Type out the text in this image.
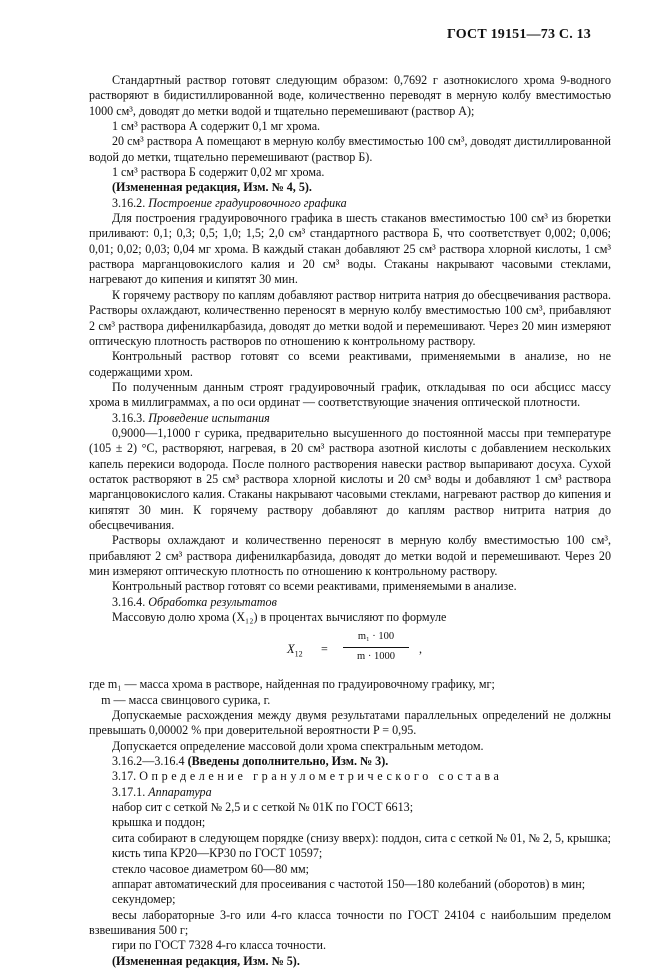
ГОСТ 19151—73 С. 13

Стандартный раствор готовят следующим образом: 0,7692 г азотнокислого хрома 9-водного растворяют в бидистиллированной воде, количественно переводят в мерную колбу вместимостью 1000 см³, доводят до метки водой и тщательно перемешивают (раствор А);

1 см³ раствора А содержит 0,1 мг хрома.

20 см³ раствора А помещают в мерную колбу вместимостью 100 см³, доводят дистиллированной водой до метки, тщательно перемешивают (раствор Б).

1 см³ раствора Б содержит 0,02 мг хрома.

(Измененная редакция, Изм. № 4, 5).

3.16.2. Построение градуировочного графика

Для построения градуировочного графика в шесть стаканов вместимостью 100 см³ из бюретки приливают: 0,1; 0,3; 0,5; 1,0; 1,5; 2,0 см³ стандартного раствора Б, что соответствует 0,002; 0,006; 0,01; 0,02; 0,03; 0,04 мг хрома. В каждый стакан добавляют 25 см³ раствора хлорной кислоты, 1 см³ раствора марганцовокислого калия и 20 см³ воды. Стаканы накрывают часовыми стеклами, нагревают до кипения и кипятят 30 мин.

К горячему раствору по каплям добавляют раствор нитрита натрия до обесцвечивания раствора. Растворы охлаждают, количественно переносят в мерную колбу вместимостью 100 см³, прибавляют 2 см³ раствора дифенилкарбазида, доводят до метки водой и перемешивают. Через 20 мин измеряют оптическую плотность растворов по отношению к контрольному раствору.

Контрольный раствор готовят со всеми реактивами, применяемыми в анализе, но не содержащими хром.

По полученным данным строят градуировочный график, откладывая по оси абсцисс массу хрома в миллиграммах, а по оси ординат — соответствующие значения оптической плотности.

3.16.3. Проведение испытания

0,9000—1,1000 г сурика, предварительно высушенного до постоянной массы при температуре (105 ± 2) °С, растворяют, нагревая, в 20 см³ раствора азотной кислоты с добавлением нескольких капель перекиси водорода. После полного растворения навески раствор выпаривают досуха. Сухой остаток растворяют в 25 см³ раствора хлорной кислоты и 20 см³ воды и добавляют 1 см³ раствора марганцовокислого калия. Стаканы накрывают часовыми стеклами, нагревают раствор до кипения и кипятят 30 мин. К горячему раствору добавляют до каплям раствор нитрита натрия до обесцвечивания.

Растворы охлаждают и количественно переносят в мерную колбу вместимостью 100 см³, прибавляют 2 см³ раствора дифенилкарбазида, доводят до метки водой и перемешивают. Через 20 мин измеряют оптическую плотность по отношению к контрольному раствору.

Контрольный раствор готовят со всеми реактивами, применяемыми в анализе.

3.16.4. Обработка результатов

Массовую долю хрома (X₁₂) в процентах вычисляют по формуле

$X_{12}$ =
m₁ · 100
m · 1000	,

где m₁ — масса хрома в растворе, найденная по градуировочному графику, мг;

m — масса свинцового сурика, г.

Допускаемые расхождения между двумя результатами параллельных определений не должны превышать 0,00002 % при доверительной вероятности P = 0,95.

Допускается определение массовой доли хрома спектральным методом.

3.16.2—3.16.4 (Введены дополнительно, Изм. № 3).

3.17. Определение гранулометрического состава

3.17.1. Аппаратура

набор сит с сеткой № 2,5 и с сеткой № 01К по ГОСТ 6613;

крышка и поддон;

сита собирают в следующем порядке (снизу вверх): поддон, сита с сеткой № 01, № 2, 5, крышка;

кисть типа КР20—КР30 по ГОСТ 10597;

стекло часовое диаметром 60—80 мм;

аппарат автоматический для просеивания с частотой 150—180 колебаний (оборотов) в мин;

секундомер;

весы лабораторные 3-го или 4-го класса точности по ГОСТ 24104 с наибольшим пределом взвешивания 500 г;

гири по ГОСТ 7328 4-го класса точности.

(Измененная редакция, Изм. № 5).
